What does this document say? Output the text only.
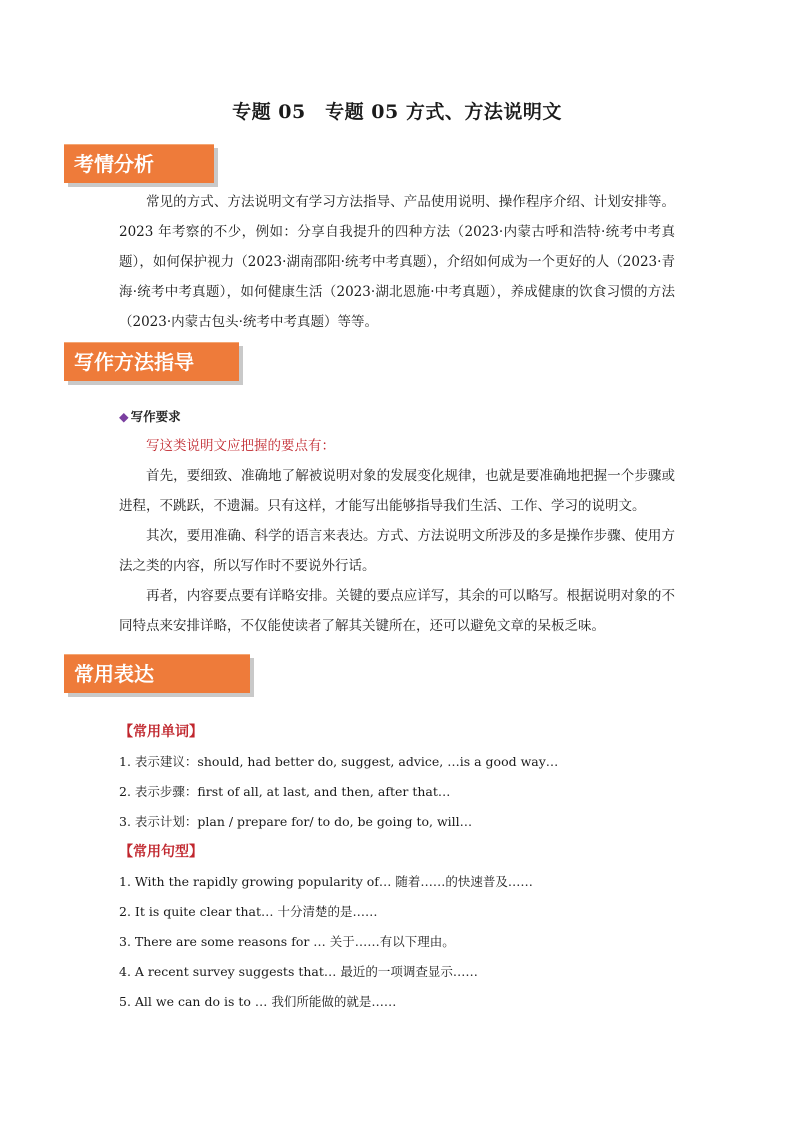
专题 05　专题 05 方式、方法说明文
考情分析
常见的方式、方法说明文有学习方法指导、产品使用说明、操作程序介绍、计划安排等。2023 年考察的不少，例如：分享自我提升的四种方法（2023·内蒙古呼和浩特·统考中考真题），如何保护视力（2023·湖南邵阳·统考中考真题），介绍如何成为一个更好的人（2023·青海·统考中考真题），如何健康生活（2023·湖北恩施·中考真题），养成健康的饮食习惯的方法（2023·内蒙古包头·统考中考真题）等等。
写作方法指导
◆ 写作要求
写这类说明文应把握的要点有：
首先，要细致、准确地了解被说明对象的发展变化规律，也就是要准确地把握一个步骤或进程，不跳跃，不遗漏。只有这样，才能写出能够指导我们生活、工作、学习的说明文。
其次，要用准确、科学的语言来表达。方式、方法说明文所涉及的多是操作步骤、使用方法之类的内容，所以写作时不要说外行话。
再者，内容要点要有详略安排。关键的要点应详写，其余的可以略写。根据说明对象的不同特点来安排详略，不仅能使读者了解其关键所在，还可以避免文章的呆板乏味。
常用表达
【常用单词】
1. 表示建议：should, had better do, suggest, advice, …is a good way…
2. 表示步骤：first of all, at last, and then, after that…
3. 表示计划：plan / prepare for/ to do, be going to, will…
【常用句型】
1. With the rapidly growing popularity of… 随着……的快速普及……
2. It is quite clear that… 十分清楚的是……
3. There are some reasons for … 关于……有以下理由。
4. A recent survey suggests that… 最近的一项调查显示……
5. All we can do is to … 我们所能做的就是……
